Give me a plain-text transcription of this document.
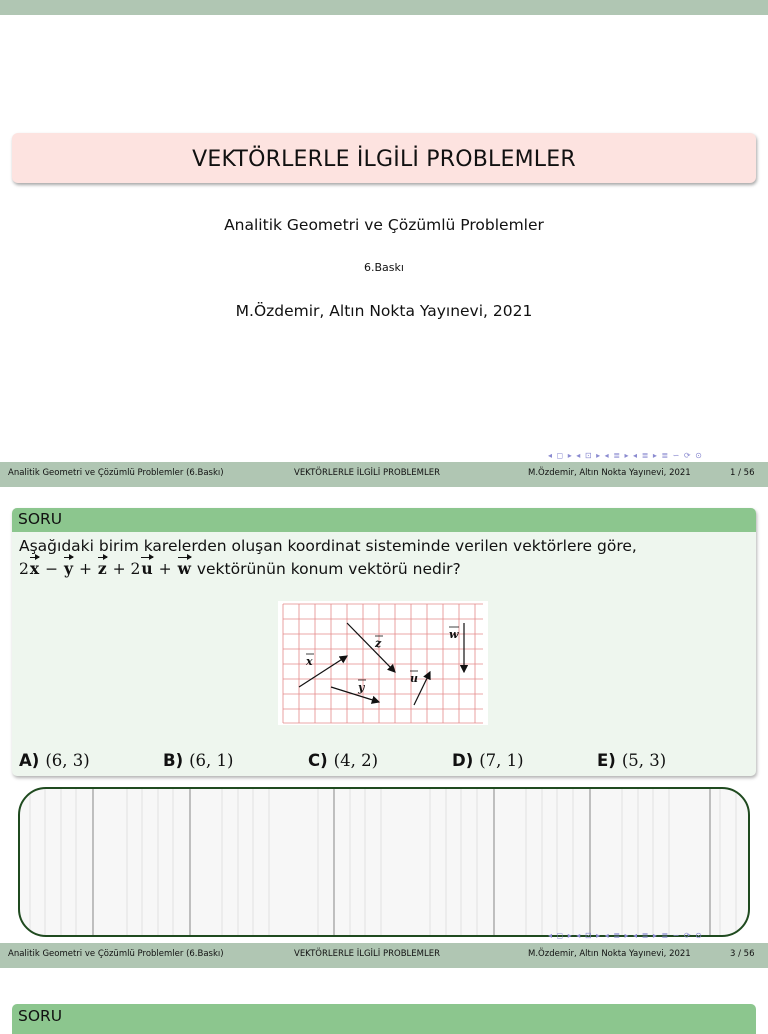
VEKTÖRLERLE İLGİLİ PROBLEMLER
Analitik Geometri ve Çözümlü Problemler
6.Baskı
M.Özdemir, Altın Nokta Yayınevi, 2021
◂ ◻ ▸ ◂ ⊡ ▸ ◂ ≣ ▸ ◂ ≣ ▸ ≣ ∽ ⟳ ⊙
Analitik Geometri ve Çözümlü Problemler (6.Baskı)	VEKTÖRLERLE İLGİLİ PROBLEMLER	M.Özdemir, Altın Nokta Yayınevi, 2021	1 / 56
SORU
Aşağıdaki birim karelerden oluşan koordinat sisteminde verilen vektörlere göre,
2x − y + z + 2u + w vektörünün konum vektörü nedir?
x
y
z
u
w
A) (6, 3)	B) (6, 1)	C) (4, 2)	D) (7, 1)	E) (5, 3)
◂ ◻ ▸ ◂ ⊡ ▸ ◂ ≣ ▸ ◂ ≣ ▸ ≣ ∽ ⟳ ⊙
Analitik Geometri ve Çözümlü Problemler (6.Baskı)	VEKTÖRLERLE İLGİLİ PROBLEMLER	M.Özdemir, Altın Nokta Yayınevi, 2021	3 / 56
SORU
